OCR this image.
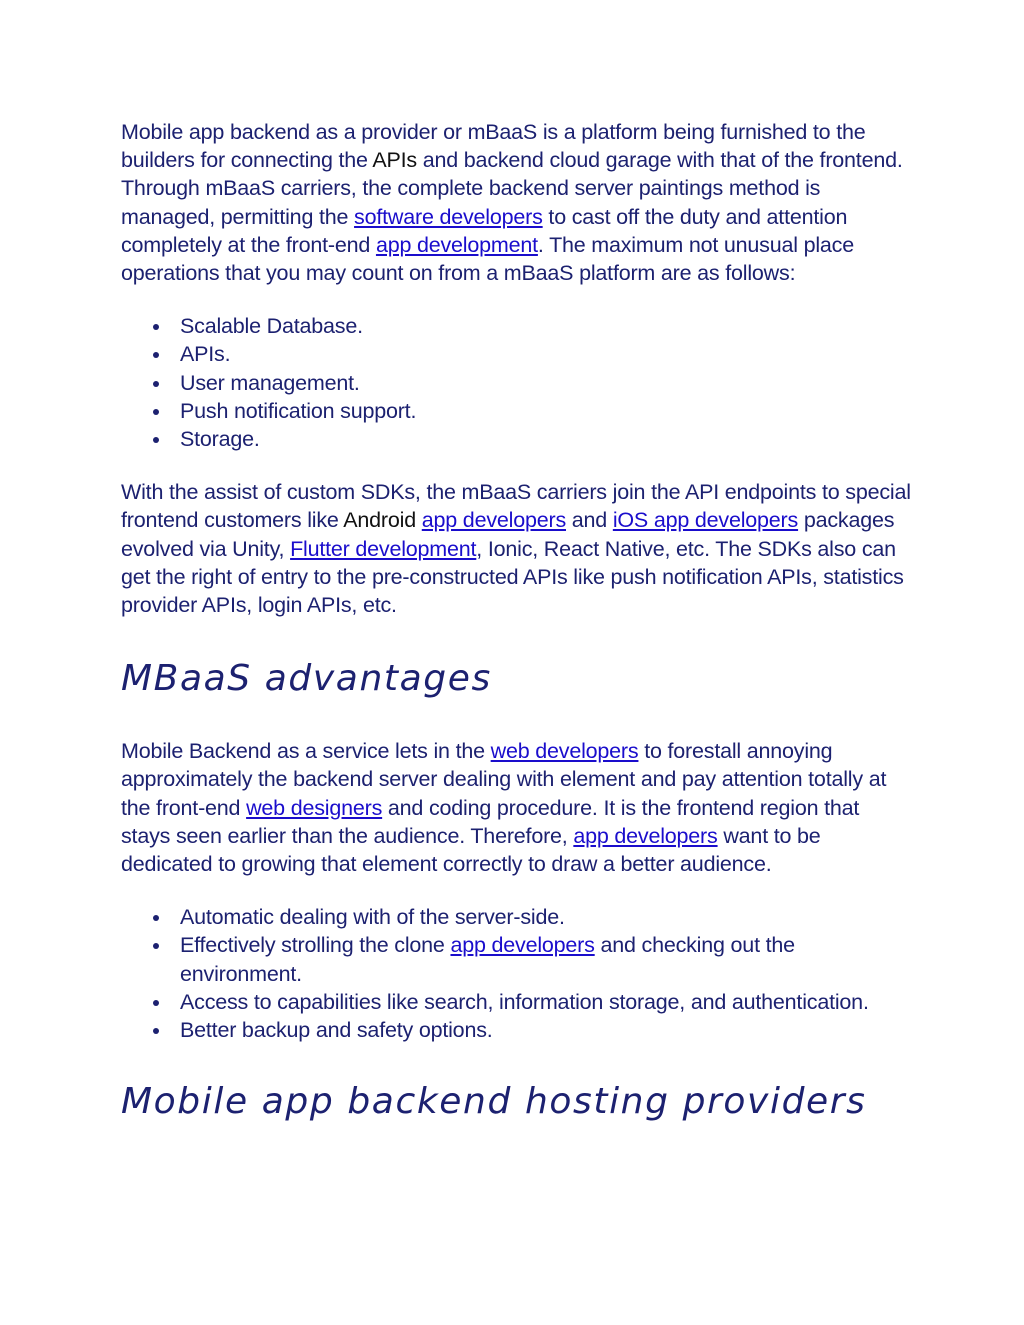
Mobile app backend as a provider or mBaaS is a platform being furnished to the builders for connecting the APIs and backend cloud garage with that of the frontend. Through mBaaS carriers, the complete backend server paintings method is managed, permitting the software developers to cast off the duty and attention completely at the front-end app development. The maximum not unusual place operations that you may count on from a mBaaS platform are as follows:

Scalable Database.
APIs.
User management.
Push notification support.
Storage.

With the assist of custom SDKs, the mBaaS carriers join the API endpoints to special frontend customers like Android app developers and iOS app developers packages evolved via Unity, Flutter development, Ionic, React Native, etc. The SDKs also can get the right of entry to the pre-constructed APIs like push notification APIs, statistics provider APIs, login APIs, etc.

MBaaS advantages

Mobile Backend as a service lets in the web developers to forestall annoying approximately the backend server dealing with element and pay attention totally at the front-end web designers and coding procedure. It is the frontend region that stays seen earlier than the audience. Therefore, app developers want to be dedicated to growing that element correctly to draw a better audience.

Automatic dealing with of the server-side.
Effectively strolling the clone app developers and checking out the environment.
Access to capabilities like search, information storage, and authentication.
Better backup and safety options.
Mobile app backend hosting providers
